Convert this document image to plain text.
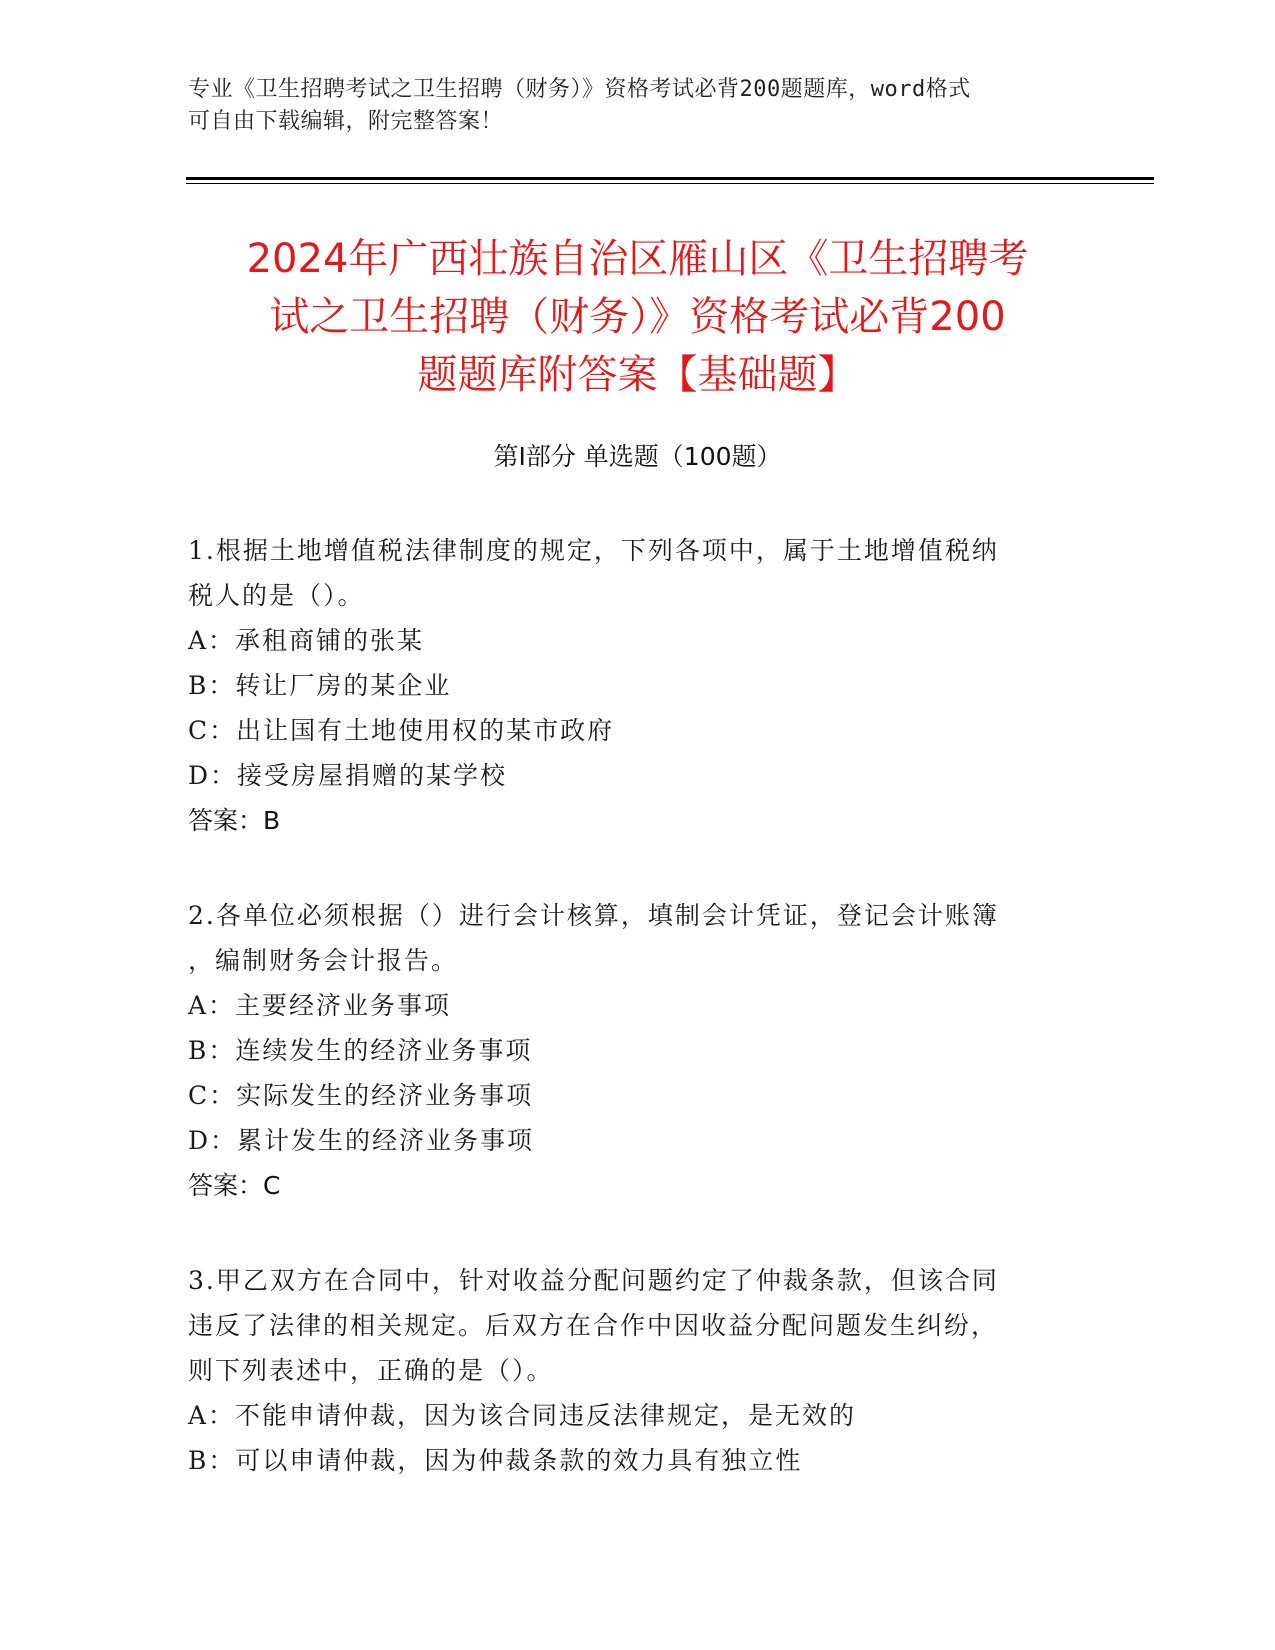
专业《卫生招聘考试之卫生招聘（财务）》资格考试必背200题题库，word格式
可自由下载编辑，附完整答案！
2024年广西壮族自治区雁山区《卫生招聘考
试之卫生招聘（财务）》资格考试必背200
题题库附答案【基础题】
第Ⅰ部分 单选题（100题）
1.根据土地增值税法律制度的规定，下列各项中，属于土地增值税纳
税人的是（）。
A：承租商铺的张某
B：转让厂房的某企业
C：出让国有土地使用权的某市政府
D：接受房屋捐赠的某学校
答案：B
2.各单位必须根据（）进行会计核算，填制会计凭证，登记会计账簿
，编制财务会计报告。
A：主要经济业务事项
B：连续发生的经济业务事项
C：实际发生的经济业务事项
D：累计发生的经济业务事项
答案：C
3.甲乙双方在合同中，针对收益分配问题约定了仲裁条款，但该合同
违反了法律的相关规定。后双方在合作中因收益分配问题发生纠纷，
则下列表述中，正确的是（）。
A：不能申请仲裁，因为该合同违反法律规定，是无效的
B：可以申请仲裁，因为仲裁条款的效力具有独立性
